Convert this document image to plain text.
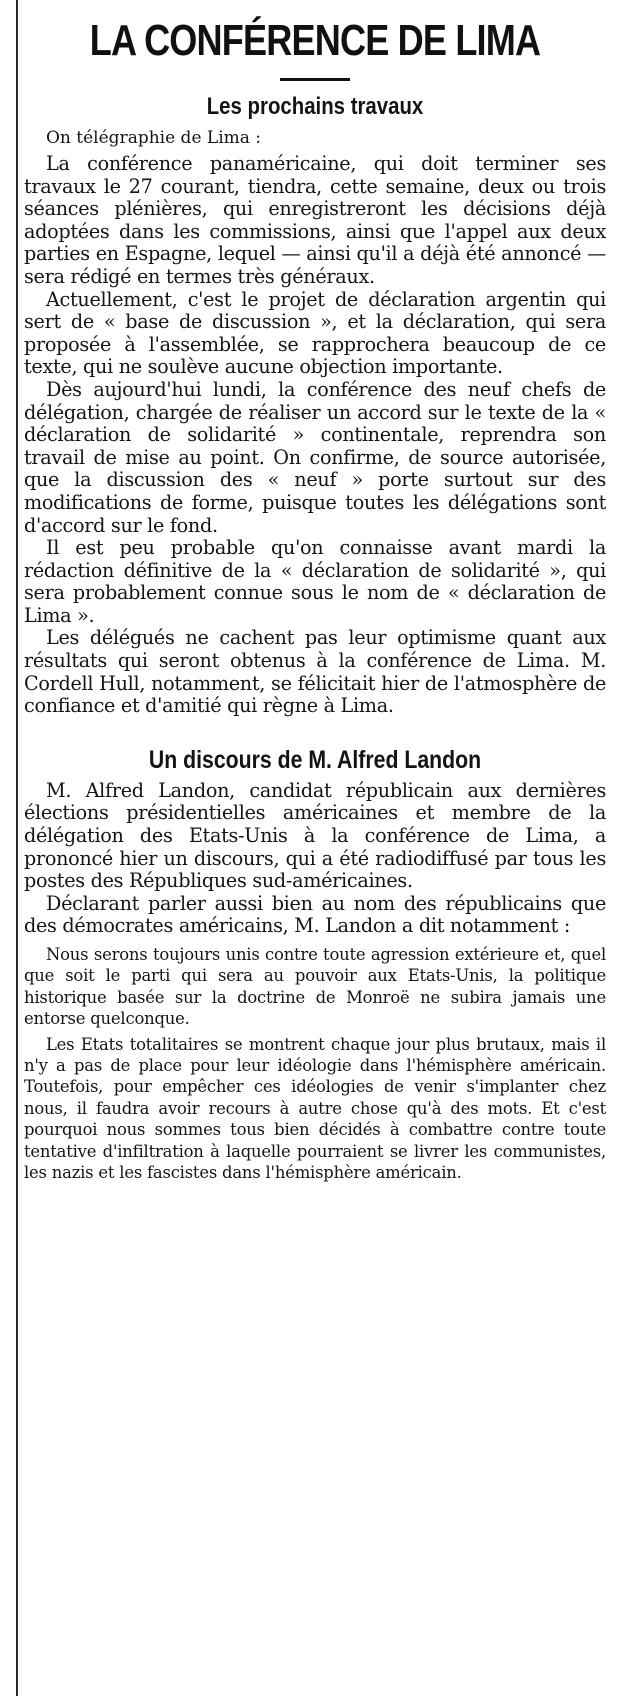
LA CONFÉRENCE DE LIMA
Les prochains travaux
On télégraphie de Lima :

La conférence panaméricaine, qui doit terminer ses travaux le 27 courant, tiendra, cette semaine, deux ou trois séances plénières, qui enregistreront les décisions déjà adoptées dans les commissions, ainsi que l'appel aux deux parties en Espagne, lequel — ainsi qu'il a déjà été annoncé — sera rédigé en termes très généraux.

Actuellement, c'est le projet de déclaration argentin qui sert de « base de discussion », et la déclaration, qui sera proposée à l'assemblée, se rapprochera beaucoup de ce texte, qui ne soulève aucune objection importante.

Dès aujourd'hui lundi, la conférence des neuf chefs de délégation, chargée de réaliser un accord sur le texte de la « déclaration de solidarité » continentale, reprendra son travail de mise au point. On confirme, de source autorisée, que la discussion des « neuf » porte surtout sur des modifications de forme, puisque toutes les délégations sont d'accord sur le fond.

Il est peu probable qu'on connaisse avant mardi la rédaction définitive de la « déclaration de solidarité », qui sera probablement connue sous le nom de « déclaration de Lima ».

Les délégués ne cachent pas leur optimisme quant aux résultats qui seront obtenus à la conférence de Lima. M. Cordell Hull, notamment, se félicitait hier de l'atmosphère de confiance et d'amitié qui règne à Lima.

Un discours de M. Alfred Landon

M. Alfred Landon, candidat républicain aux dernières élections présidentielles américaines et membre de la délégation des Etats-Unis à la conférence de Lima, a prononcé hier un discours, qui a été radiodiffusé par tous les postes des Républiques sud-américaines.

Déclarant parler aussi bien au nom des républicains que des démocrates américains, M. Landon a dit notamment :

Nous serons toujours unis contre toute agression extérieure et, quel que soit le parti qui sera au pouvoir aux Etats-Unis, la politique historique basée sur la doctrine de Monroë ne subira jamais une entorse quelconque.

Les Etats totalitaires se montrent chaque jour plus brutaux, mais il n'y a pas de place pour leur idéologie dans l'hémisphère américain. Toutefois, pour empêcher ces idéologies de venir s'implanter chez nous, il faudra avoir recours à autre chose qu'à des mots. Et c'est pourquoi nous sommes tous bien décidés à combattre contre toute tentative d'infiltration à laquelle pourraient se livrer les communistes, les nazis et les fascistes dans l'hémisphère américain.
